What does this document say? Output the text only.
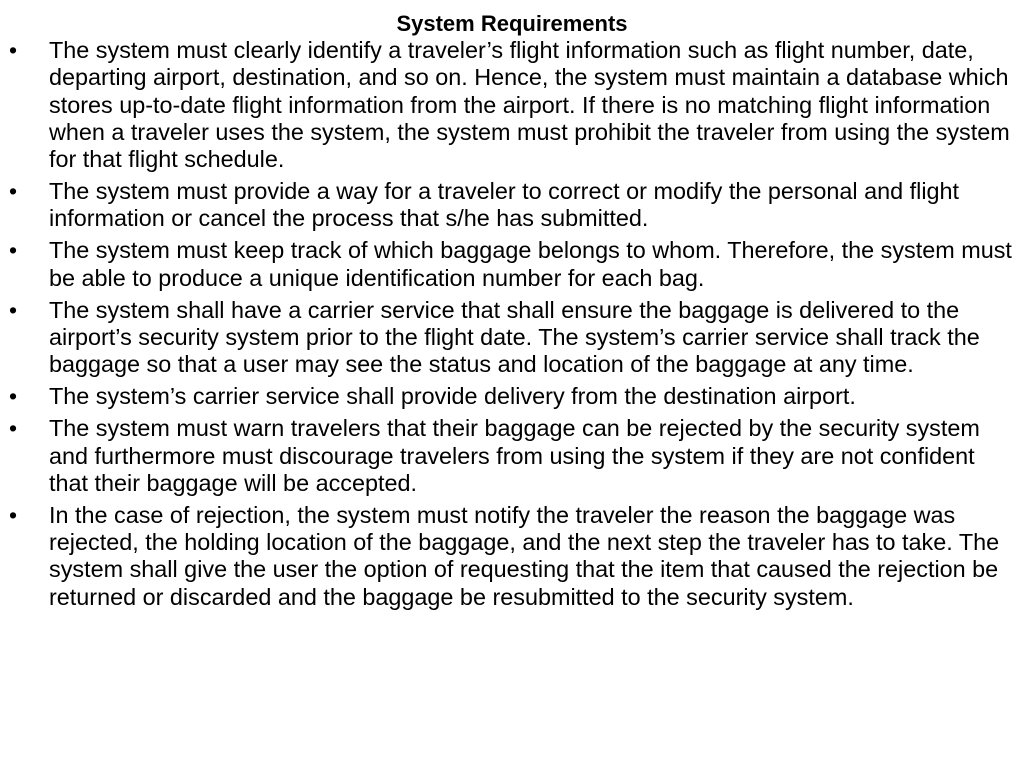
System Requirements
•	The system must clearly identify a traveler’s flight information such as flight number, date, departing airport, destination, and so on. Hence, the system must maintain a database which stores up-to-date flight information from the airport. If there is no matching flight information when a traveler uses the system, the system must prohibit the traveler from using the system for that flight schedule.
•	The system must provide a way for a traveler to correct or modify the personal and flight information or cancel the process that s/he has submitted.
•	The system must keep track of which baggage belongs to whom. Therefore, the system must be able to produce a unique identification number for each bag.
•	The system shall have a carrier service that shall ensure the baggage is delivered to the airport’s security system prior to the flight date. The system’s carrier service shall track the baggage so that a user may see the status and location of the baggage at any time.
•	The system’s carrier service shall provide delivery from the destination airport.
•	The system must warn travelers that their baggage can be rejected by the security system and furthermore must discourage travelers from using the system if they are not confident that their baggage will be accepted.
•	In the case of rejection, the system must notify the traveler the reason the baggage was rejected, the holding location of the baggage, and the next step the traveler has to take. The system shall give the user the option of requesting that the item that caused the rejection be returned or discarded and the baggage be resubmitted to the security system.
